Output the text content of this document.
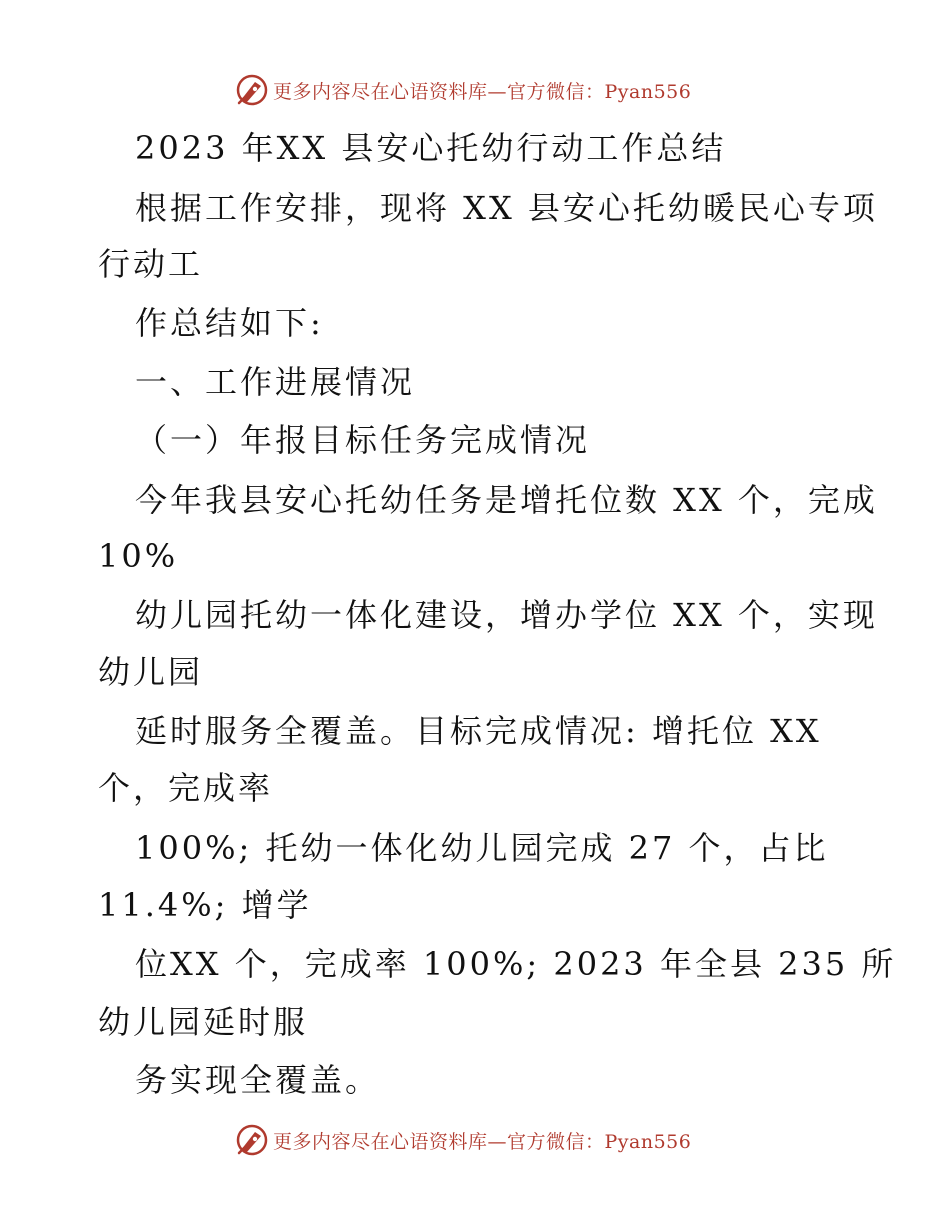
更多内容尽在心语资料库—官方微信：Pyan556
2023 年XX 县安心托幼行动工作总结
根据工作安排，现将 XX 县安心托幼暖民心专项
行动工
作总结如下:
一、工作进展情况
（一）年报目标任务完成情况
今年我县安心托幼任务是增托位数 XX 个，完成
10%
幼儿园托幼一体化建设，增办学位 XX 个，实现
幼儿园
延时服务全覆盖。目标完成情况: 增托位 XX
个，完成率
100%; 托幼一体化幼儿园完成 27 个，占比
11.4%; 增学
位XX 个，完成率 100%; 2023 年全县 235 所
幼儿园延时服
务实现全覆盖。
更多内容尽在心语资料库—官方微信：Pyan556
